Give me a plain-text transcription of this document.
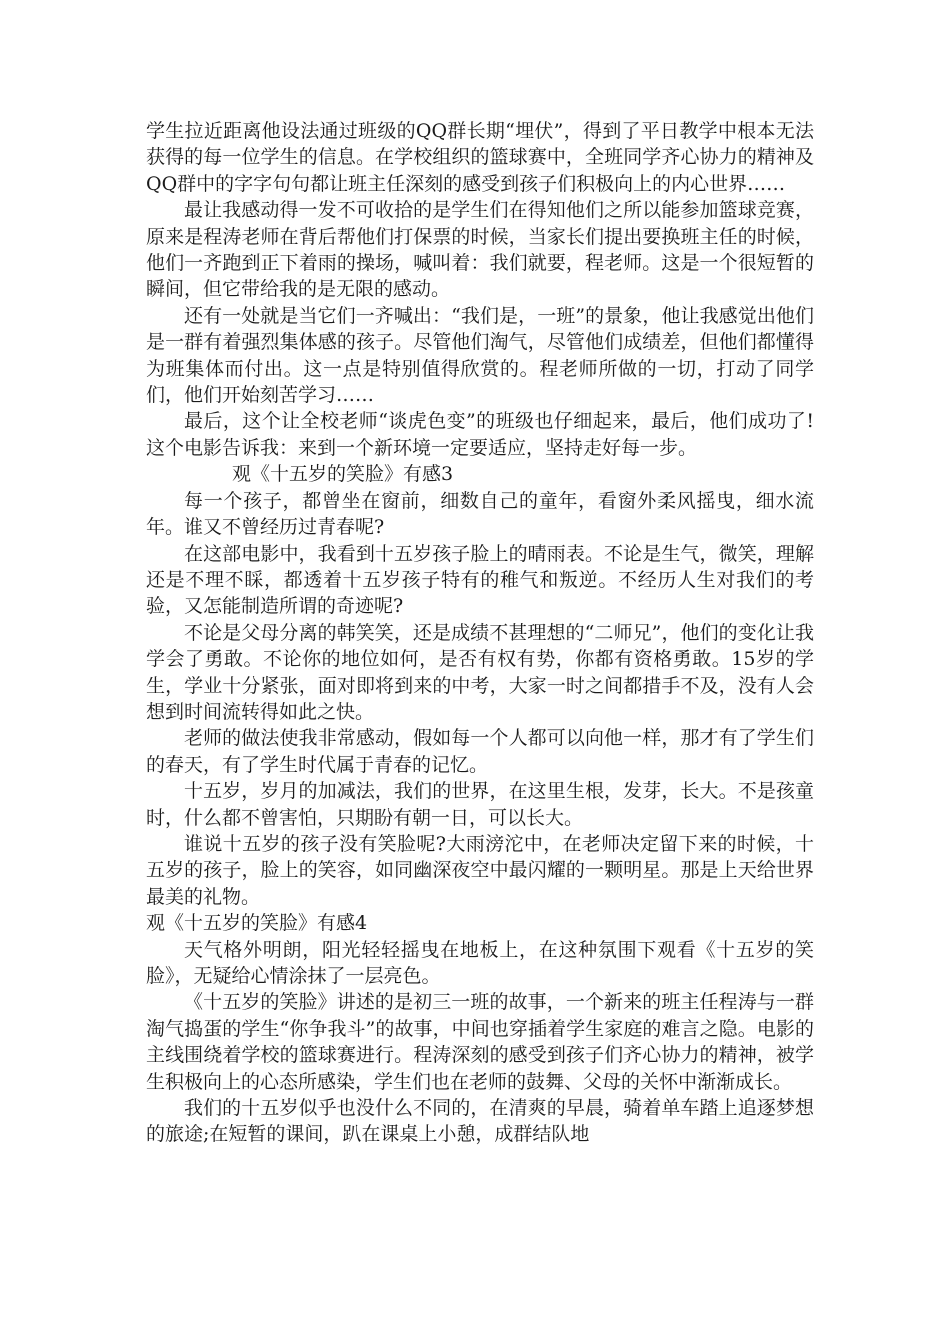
学生拉近距离他设法通过班级的QQ群长期“埋伏”，得到了平日教学中根本无法获得的每一位学生的信息。在学校组织的篮球赛中，全班同学齐心协力的精神及QQ群中的字字句句都让班主任深刻的感受到孩子们积极向上的内心世界……

最让我感动得一发不可收拾的是学生们在得知他们之所以能参加篮球竞赛，原来是程涛老师在背后帮他们打保票的时候，当家长们提出要换班主任的时候，他们一齐跑到正下着雨的操场，喊叫着：我们就要，程老师。这是一个很短暂的瞬间，但它带给我的是无限的感动。

还有一处就是当它们一齐喊出：“我们是，一班”的景象，他让我感觉出他们是一群有着强烈集体感的孩子。尽管他们淘气，尽管他们成绩差，但他们都懂得为班集体而付出。这一点是特别值得欣赏的。程老师所做的一切，打动了同学们，他们开始刻苦学习……

最后，这个让全校老师“谈虎色变”的班级也仔细起来，最后，他们成功了!这个电影告诉我：来到一个新环境一定要适应，坚持走好每一步。

观《十五岁的笑脸》有感3

每一个孩子，都曾坐在窗前，细数自己的童年，看窗外柔风摇曳，细水流年。谁又不曾经历过青春呢?

在这部电影中，我看到十五岁孩子脸上的晴雨表。不论是生气，微笑，理解还是不理不睬，都透着十五岁孩子特有的稚气和叛逆。不经历人生对我们的考验，又怎能制造所谓的奇迹呢?

不论是父母分离的韩笑笑，还是成绩不甚理想的“二师兄”，他们的变化让我学会了勇敢。不论你的地位如何，是否有权有势，你都有资格勇敢。15岁的学生，学业十分紧张，面对即将到来的中考，大家一时之间都措手不及，没有人会想到时间流转得如此之快。

老师的做法使我非常感动，假如每一个人都可以向他一样，那才有了学生们的春天，有了学生时代属于青春的记忆。

十五岁，岁月的加减法，我们的世界，在这里生根，发芽，长大。不是孩童时，什么都不曾害怕，只期盼有朝一日，可以长大。

谁说十五岁的孩子没有笑脸呢?大雨滂沱中，在老师决定留下来的时候，十五岁的孩子，脸上的笑容，如同幽深夜空中最闪耀的一颗明星。那是上天给世界最美的礼物。

观《十五岁的笑脸》有感4

天气格外明朗，阳光轻轻摇曳在地板上，在这种氛围下观看《十五岁的笑脸》，无疑给心情涂抹了一层亮色。

《十五岁的笑脸》讲述的是初三一班的故事，一个新来的班主任程涛与一群淘气捣蛋的学生“你争我斗”的故事，中间也穿插着学生家庭的难言之隐。电影的主线围绕着学校的篮球赛进行。程涛深刻的感受到孩子们齐心协力的精神，被学生积极向上的心态所感染，学生们也在老师的鼓舞、父母的关怀中渐渐成长。

我们的十五岁似乎也没什么不同的，在清爽的早晨，骑着单车踏上追逐梦想的旅途;在短暂的课间，趴在课桌上小憩，成群结队地
